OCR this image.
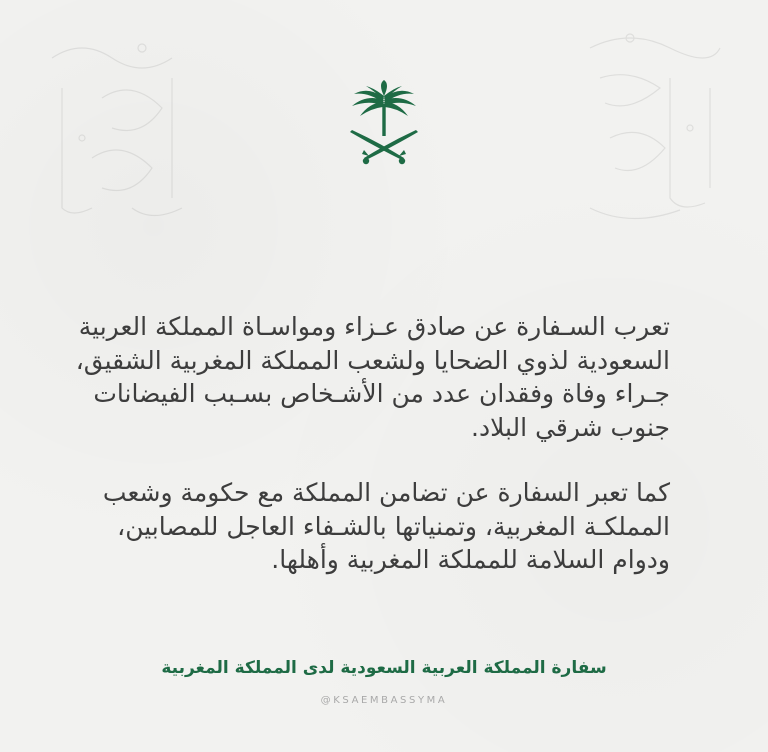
تعرب السـفارة عن صادق عـزاء ومواسـاة المملكة العربية
السعودية لذوي الضحايا ولشعب المملكة المغربية الشقيق،
جـراء وفاة وفقدان عدد من الأشـخاص بسـبب الفيضانات
جنوب شرقي البلاد.
كما تعبر السفارة عن تضامن المملكة مع حكومة وشعب
المملكـة المغربية، وتمنياتها بالشـفاء العاجل للمصابين،
ودوام السلامة للمملكة المغربية وأهلها.
سفارة المملكة العربية السعودية لدى المملكة المغربية
@KSAEMBASSYMA
